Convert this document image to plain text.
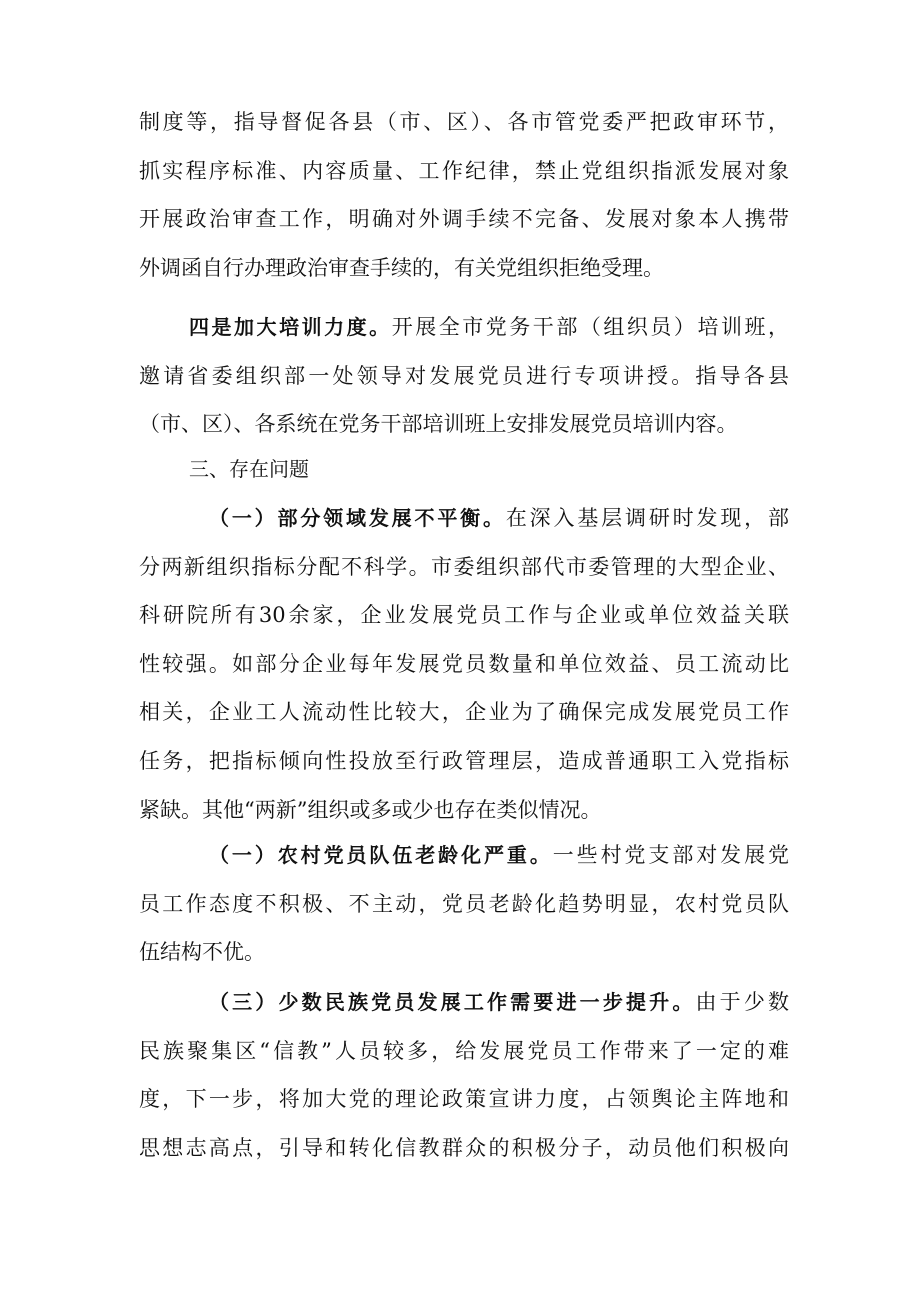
制度等，指导督促各县（市、区）、各市管党委严把政审环节，
抓实程序标准、内容质量、工作纪律，禁止党组织指派发展对象
开展政治审查工作，明确对外调手续不完备、发展对象本人携带
外调函自行办理政治审查手续的，有关党组织拒绝受理。
四是加大培训力度。开展全市党务干部（组织员）培训班，
邀请省委组织部一处领导对发展党员进行专项讲授。指导各县
（市、区）、各系统在党务干部培训班上安排发展党员培训内容。
三、存在问题
（一）部分领域发展不平衡。在深入基层调研时发现，部
分两新组织指标分配不科学。市委组织部代市委管理的大型企业、
科研院所有30余家，企业发展党员工作与企业或单位效益关联
性较强。如部分企业每年发展党员数量和单位效益、员工流动比
相关，企业工人流动性比较大，企业为了确保完成发展党员工作
任务，把指标倾向性投放至行政管理层，造成普通职工入党指标
紧缺。其他“两新”组织或多或少也存在类似情况。
（一）农村党员队伍老龄化严重。一些村党支部对发展党
员工作态度不积极、不主动，党员老龄化趋势明显，农村党员队
伍结构不优。
（三）少数民族党员发展工作需要进一步提升。由于少数
民族聚集区“信教”人员较多，给发展党员工作带来了一定的难
度，下一步，将加大党的理论政策宣讲力度，占领舆论主阵地和
思想志高点，引导和转化信教群众的积极分子，动员他们积极向
